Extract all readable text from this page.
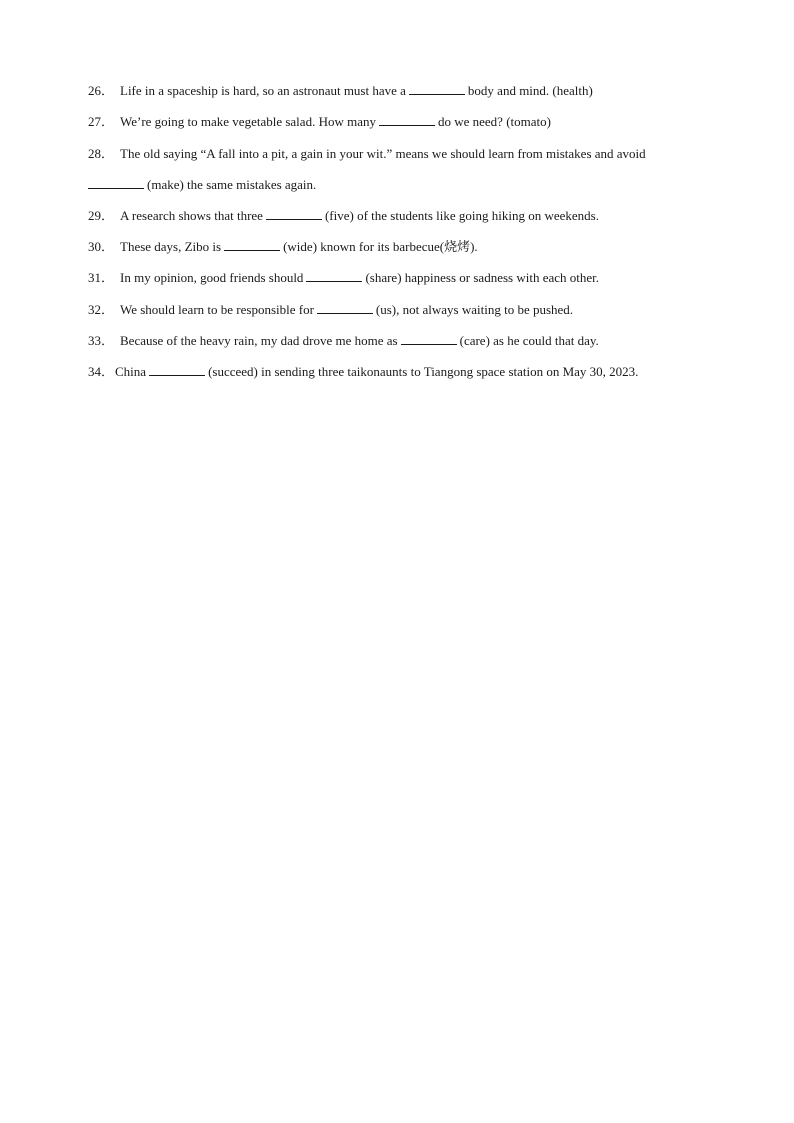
26． Life in a spaceship is hard, so an astronaut must have a	body and mind. (health)
27． We’re going to make vegetable salad. How many	do we need? (tomato)
28． The old saying “A fall into a pit, a gain in your wit.” means we should learn from mistakes and avoid
(make) the same mistakes again.
29． A research shows that three	(five) of the students like going hiking on weekends.
30． These days, Zibo is	(wide) known for its barbecue(烧烤).
31． In my opinion, good friends should	(share) happiness or sadness with each other.
32． We should learn to be responsible for	(us), not always waiting to be pushed.
33． Because of the heavy rain, my dad drove me home as	(care) as he could that day.
34．China	(succeed) in sending three taikonaunts to Tiangong space station on May 30, 2023.
